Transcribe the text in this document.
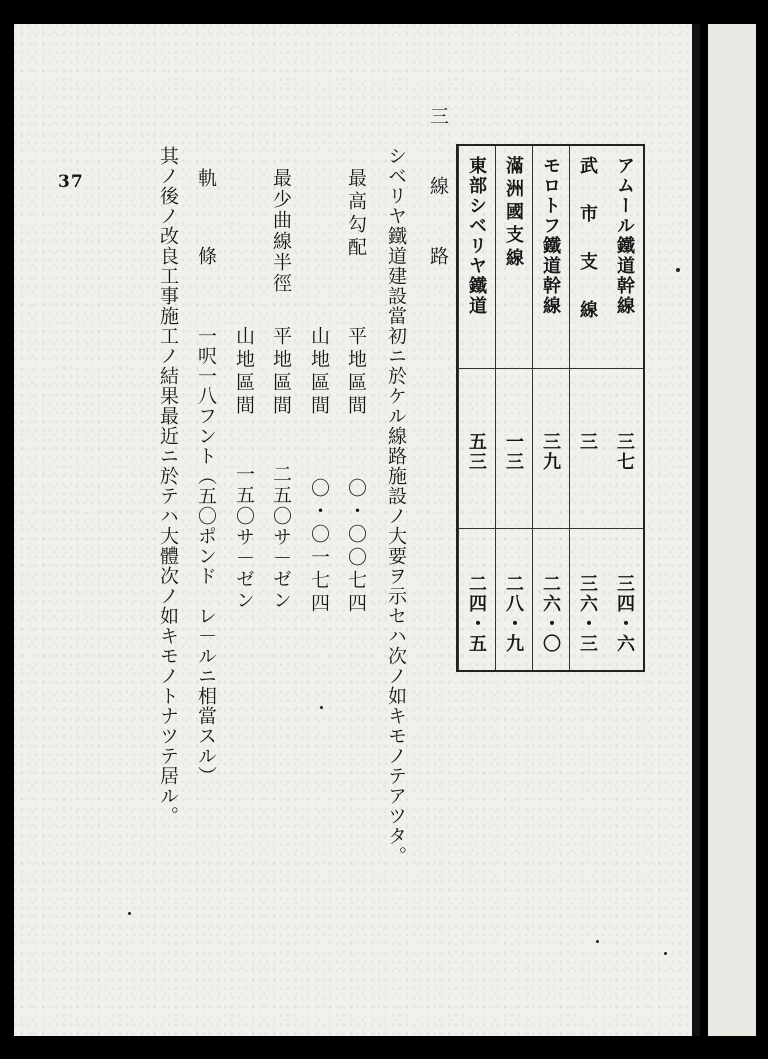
37	三　線　路	アムール鐵道幹線
三七
三四・六
武　市　支　線
三
三六・三
モロトフ鐵道幹線
三九
二六・〇
滿洲國支線
一三
二八・九
東部シベリヤ鐵道
五三
二四・五
シベリヤ鐵道建設當初ニ於ケル線路施設ノ大要ヲ示セハ次ノ如キモノテアツタ。
最高勾配
平地區間
〇・〇〇七四
山地區間
〇・〇一七四
最少曲線半徑
平地區間
二五〇サ－ゼン
山地區間
一五〇サ－ゼン
軌　條
一呎一八フント（五〇ポンド　レ－ルニ相當スル）
其ノ後ノ改良工事施工ノ結果最近ニ於テハ大體次ノ如キモノトナツテ居ル。
